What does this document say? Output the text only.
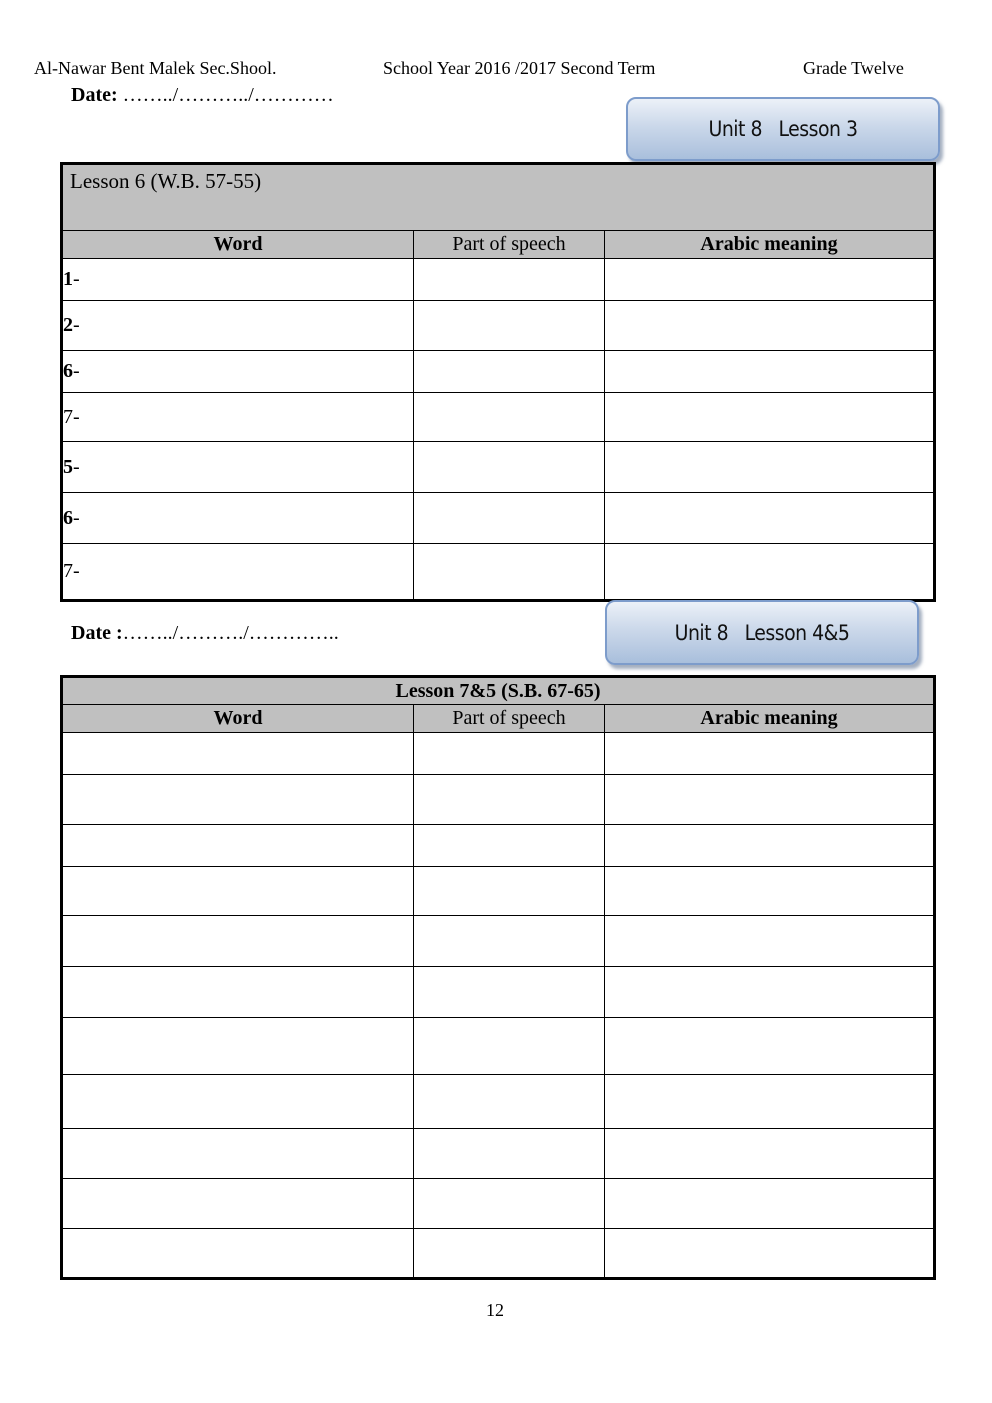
Al-Nawar Bent Malek Sec.Shool.	School Year 2016 /2017 Second Term	Grade Twelve
Date: ……../………../…………
Unit 8   Lesson 3
Lesson 6 (W.B. 57-55)		
Word	Part of speech	Arabic meaning
1-		
2-		
6-		
7-		
5-		
6-		
7-		
Date :……../………./…………..	Unit 8   Lesson 4&5
Lesson 7&5 (S.B. 67-65)		
Word	Part of speech	Arabic meaning

12
